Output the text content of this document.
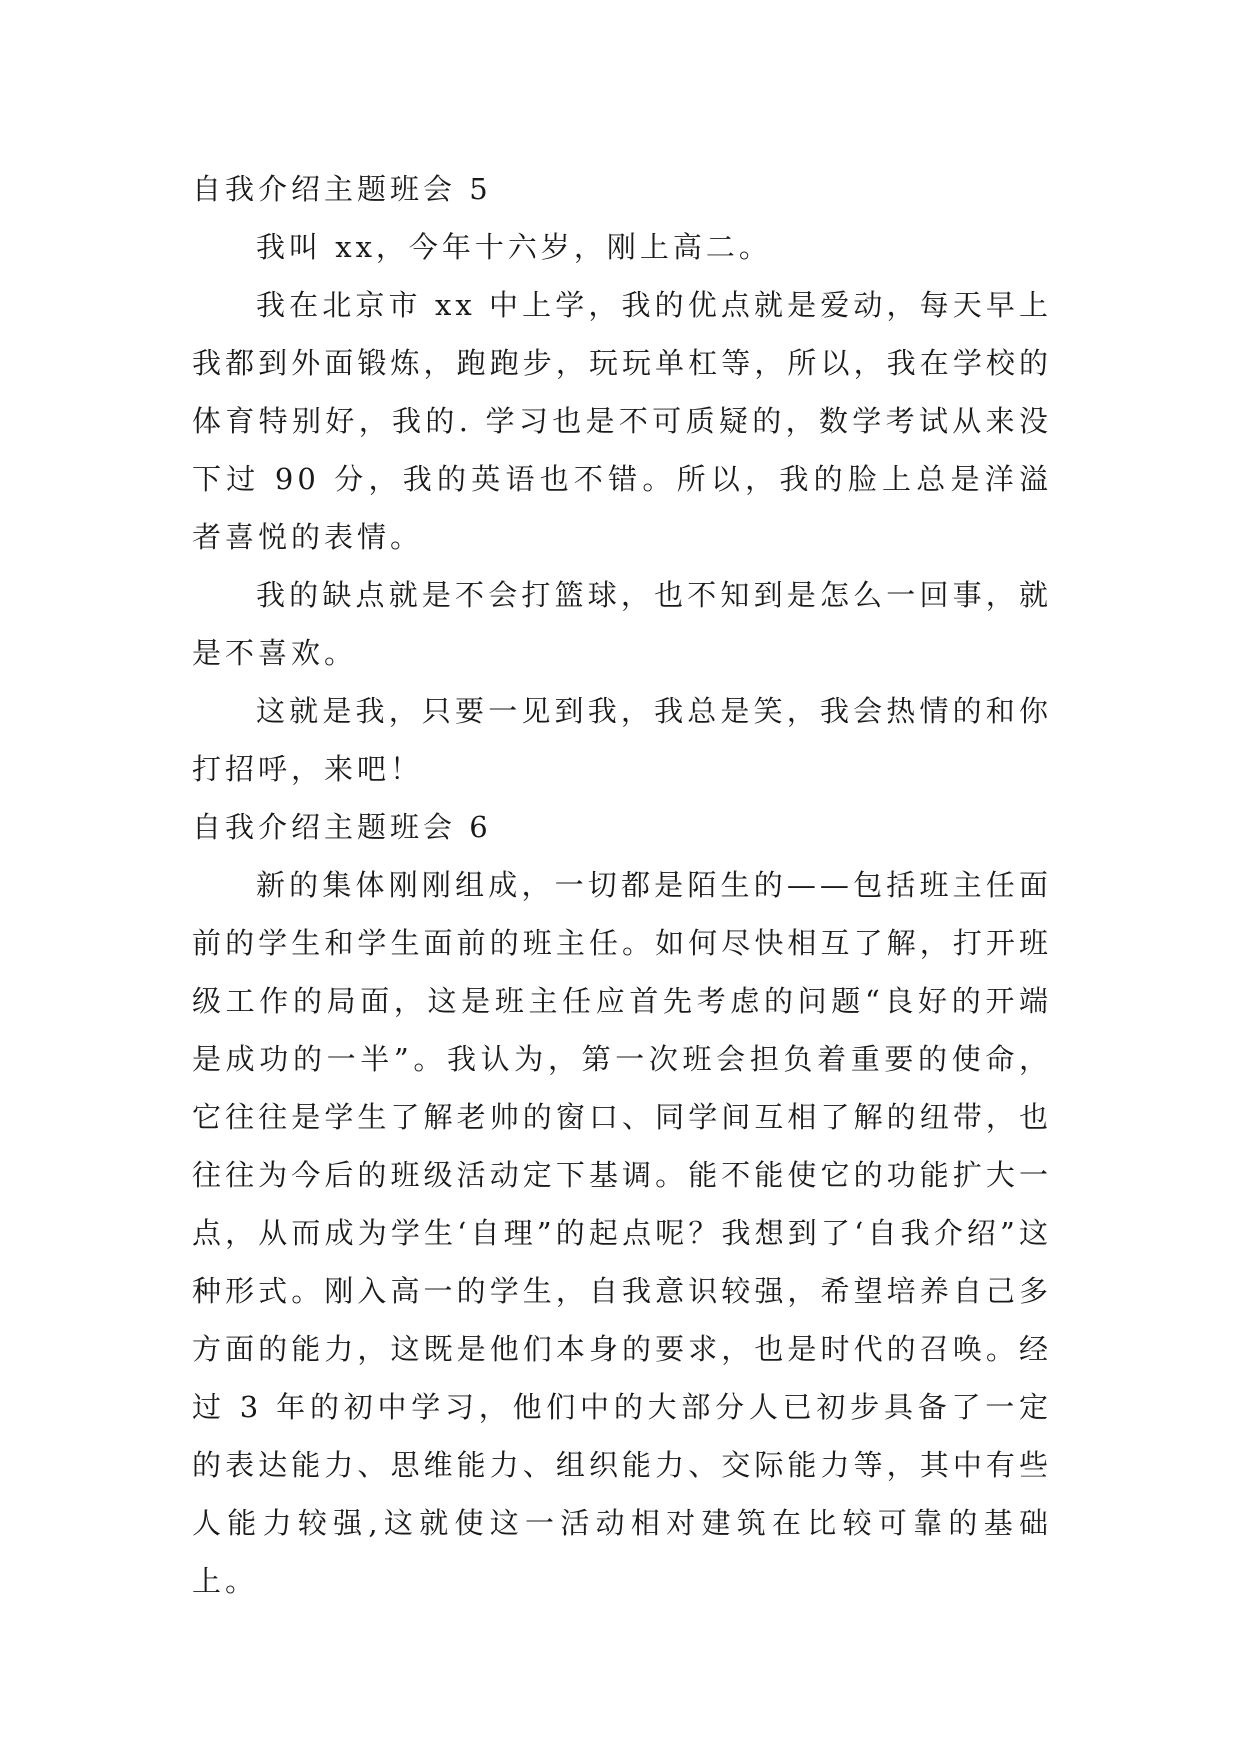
自我介绍主题班会 5

我叫 xx，今年十六岁，刚上高二。

我在北京市 xx 中上学，我的优点就是爱动，每天早上我都到外面锻炼，跑跑步，玩玩单杠等，所以，我在学校的体育特别好，我的. 学习也是不可质疑的，数学考试从来没下过 90 分，我的英语也不错。所以，我的脸上总是洋溢者喜悦的表情。

我的缺点就是不会打篮球，也不知到是怎么一回事，就是不喜欢。

这就是我，只要一见到我，我总是笑，我会热情的和你打招呼，来吧！

自我介绍主题班会 6

新的集体刚刚组成，一切都是陌生的——包括班主任面前的学生和学生面前的班主任。如何尽快相互了解，打开班级工作的局面，这是班主任应首先考虑的问题“良好的开端是成功的一半”。我认为，第一次班会担负着重要的使命，它往往是学生了解老帅的窗口、同学间互相了解的纽带，也往往为今后的班级活动定下基调。能不能使它的功能扩大一点，从而成为学生‘自理”的起点呢？我想到了‘自我介绍”这种形式。刚入高一的学生，自我意识较强，希望培养自己多方面的能力，这既是他们本身的要求，也是时代的召唤。经过 3 年的初中学习，他们中的大部分人已初步具备了一定的表达能力、思维能力、组织能力、交际能力等，其中有些人能力较强,这就使这一活动相对建筑在比较可靠的基础上。
